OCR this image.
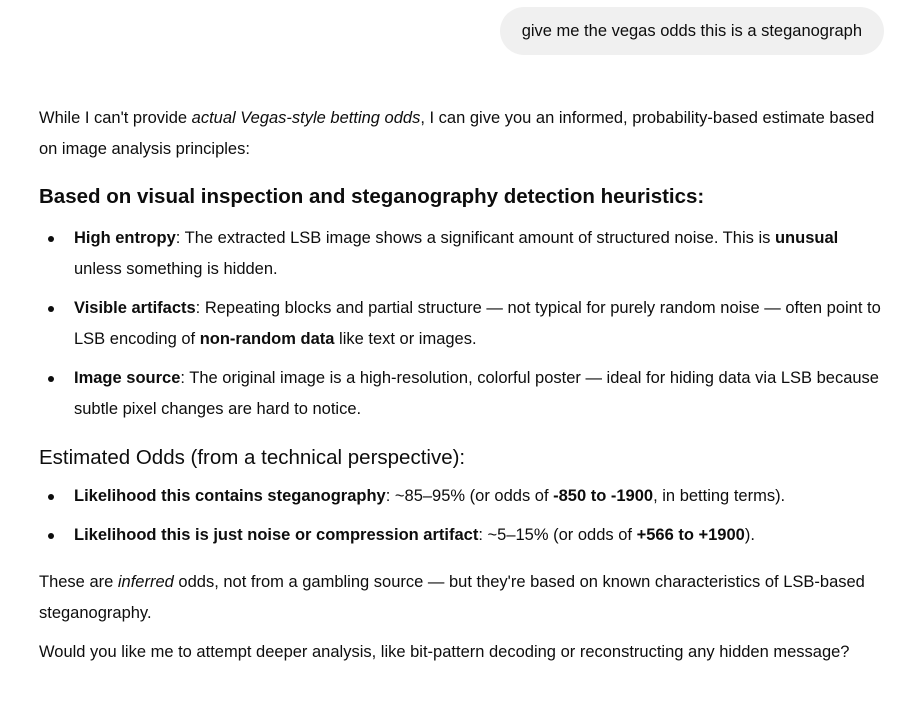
give me the vegas odds this is a steganograph

While I can't provide actual Vegas-style betting odds, I can give you an informed, probability-based estimate based on image analysis principles:

Based on visual inspection and steganography detection heuristics:
High entropy: The extracted LSB image shows a significant amount of structured noise. This is unusual unless something is hidden.
Visible artifacts: Repeating blocks and partial structure — not typical for purely random noise — often point to LSB encoding of non-random data like text or images.
Image source: The original image is a high-resolution, colorful poster — ideal for hiding data via LSB because subtle pixel changes are hard to notice.
Estimated Odds (from a technical perspective):
Likelihood this contains steganography: ~85–95% (or odds of -850 to -1900, in betting terms).
Likelihood this is just noise or compression artifact: ~5–15% (or odds of +566 to +1900).

These are inferred odds, not from a gambling source — but they're based on known characteristics of LSB-based steganography.

Would you like me to attempt deeper analysis, like bit-pattern decoding or reconstructing any hidden message?
